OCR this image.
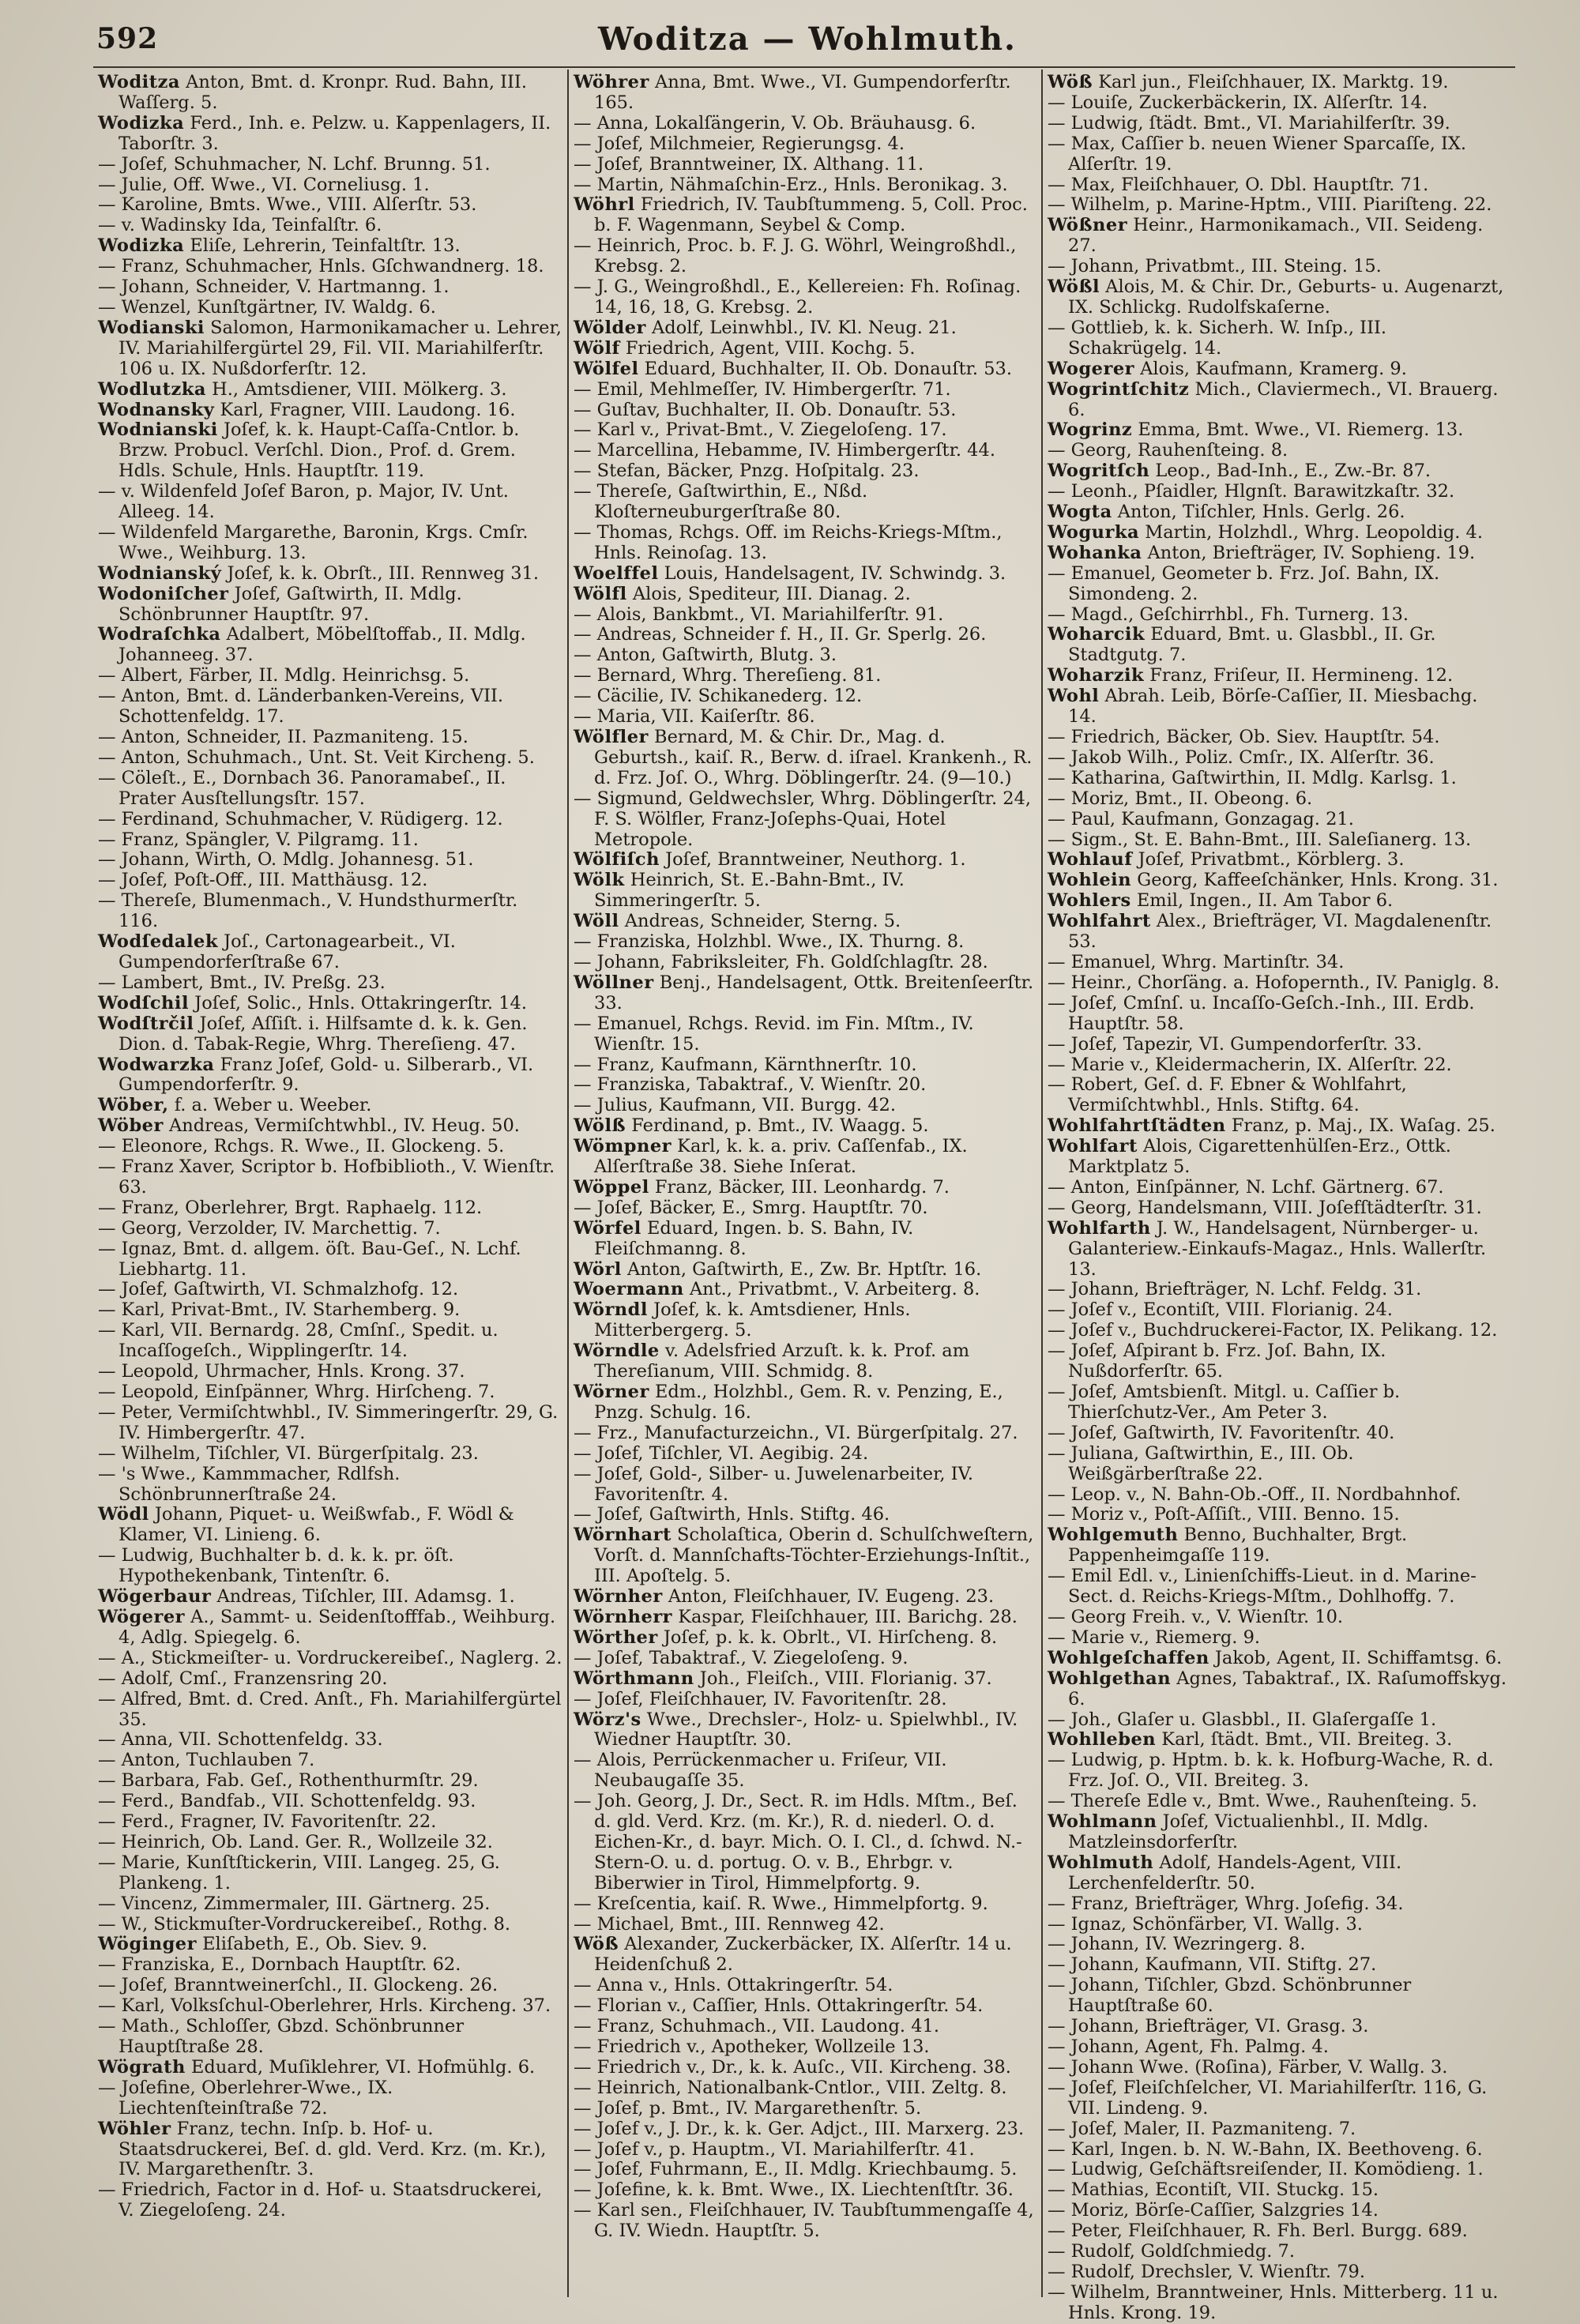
592	Woditza — Wohlmuth.
Woditza Anton, Bmt. d. Kronpr. Rud. Bahn, III. Waſſerg. 5.
Wodizka Ferd., Inh. e. Pelzw. u. Kappenlagers, II. Taborſtr. 3.
— Joſef, Schuhmacher, N. Lchf. Brunng. 51.
— Julie, Off. Wwe., VI. Corneliusg. 1.
— Karoline, Bmts. Wwe., VIII. Alſerſtr. 53.
— v. Wadinsky Ida, Teinfalſtr. 6.
Wodizka Eliſe, Lehrerin, Teinfaltſtr. 13.
— Franz, Schuhmacher, Hnls. Gſchwandnerg. 18.
— Johann, Schneider, V. Hartmanng. 1.
— Wenzel, Kunſtgärtner, IV. Waldg. 6.
Wodianski Salomon, Harmonikamacher u. Lehrer, IV. Mariahilfergürtel 29, Fil. VII. Mariahilferſtr. 106 u. IX. Nußdorferſtr. 12.
Wodlutzka H., Amtsdiener, VIII. Mölkerg. 3.
Wodnansky Karl, Fragner, VIII. Laudong. 16.
Wodnianski Joſef, k. k. Haupt-Caſſa-Cntlor. b. Brzw. Probucl. Verſchl. Dion., Prof. d. Grem. Hdls. Schule, Hnls. Hauptſtr. 119.
— v. Wildenfeld Joſef Baron, p. Major, IV. Unt. Alleeg. 14.
— Wildenfeld Margarethe, Baronin, Krgs. Cmſr. Wwe., Weihburg. 13.
Wodnianský Joſef, k. k. Obrſt., III. Rennweg 31.
Wodoniſcher Joſef, Gaſtwirth, II. Mdlg. Schönbrunner Hauptſtr. 97.
Wodraſchka Adalbert, Möbelſtoffab., II. Mdlg. Johanneeg. 37.
— Albert, Färber, II. Mdlg. Heinrichsg. 5.
— Anton, Bmt. d. Länderbanken-Vereins, VII. Schottenfeldg. 17.
— Anton, Schneider, II. Pazmaniteng. 15.
— Anton, Schuhmach., Unt. St. Veit Kircheng. 5.
— Cöleſt., E., Dornbach 36. Panoramabeſ., II. Prater Ausſtellungsſtr. 157.
— Ferdinand, Schuhmacher, V. Rüdigerg. 12.
— Franz, Spängler, V. Pilgramg. 11.
— Johann, Wirth, O. Mdlg. Johannesg. 51.
— Joſef, Poſt-Off., III. Matthäusg. 12.
— Thereſe, Blumenmach., V. Hundsthurmerſtr. 116.
Wodſedalek Joſ., Cartonagearbeit., VI. Gumpendorferſtraße 67.
— Lambert, Bmt., IV. Preßg. 23.
Wodſchil Joſef, Solic., Hnls. Ottakringerſtr. 14.
Wodſtrčil Joſef, Aſſiſt. i. Hilfsamte d. k. k. Gen. Dion. d. Tabak-Regie, Whrg. Thereſieng. 47.
Wodwarzka Franz Joſef, Gold- u. Silberarb., VI. Gumpendorferſtr. 9.
Wöber, f. a. Weber u. Weeber.
Wöber Andreas, Vermiſchtwhbl., IV. Heug. 50.
— Eleonore, Rchgs. R. Wwe., II. Glockeng. 5.
— Franz Xaver, Scriptor b. Hofbiblioth., V. Wienſtr. 63.
— Franz, Oberlehrer, Brgt. Raphaelg. 112.
— Georg, Verzolder, IV. Marchettig. 7.
— Ignaz, Bmt. d. allgem. öſt. Bau-Geſ., N. Lchf. Liebhartg. 11.
— Joſef, Gaſtwirth, VI. Schmalzhofg. 12.
— Karl, Privat-Bmt., IV. Starhemberg. 9.
— Karl, VII. Bernardg. 28, Cmſnſ., Spedit. u. Incaſſogeſch., Wipplingerſtr. 14.
— Leopold, Uhrmacher, Hnls. Krong. 37.
— Leopold, Einſpänner, Whrg. Hirſcheng. 7.
— Peter, Vermiſchtwhbl., IV. Simmeringerſtr. 29, G. IV. Himbergerſtr. 47.
— Wilhelm, Tiſchler, VI. Bürgerſpitalg. 23.
— 's Wwe., Kammmacher, Rdlfsh. Schönbrunnerſtraße 24.
Wödl Johann, Piquet- u. Weißwfab., F. Wödl & Klamer, VI. Linieng. 6.
— Ludwig, Buchhalter b. d. k. k. pr. öſt. Hypothekenbank, Tintenſtr. 6.
Wögerbaur Andreas, Tiſchler, III. Adamsg. 1.
Wögerer A., Sammt- u. Seidenſtofffab., Weihburg. 4, Adlg. Spiegelg. 6.
— A., Stickmeiſter- u. Vordruckereibeſ., Naglerg. 2.
— Adolf, Cmſ., Franzensring 20.
— Alfred, Bmt. d. Cred. Anſt., Fh. Mariahilfergürtel 35.
— Anna, VII. Schottenfeldg. 33.
— Anton, Tuchlauben 7.
— Barbara, Fab. Geſ., Rothenthurmſtr. 29.
— Ferd., Bandfab., VII. Schottenfeldg. 93.
— Ferd., Fragner, IV. Favoritenſtr. 22.
— Heinrich, Ob. Land. Ger. R., Wollzeile 32.
— Marie, Kunſtſtickerin, VIII. Langeg. 25, G. Plankeng. 1.
— Vincenz, Zimmermaler, III. Gärtnerg. 25.
— W., Stickmuſter-Vordruckereibeſ., Rothg. 8.
Wöginger Eliſabeth, E., Ob. Siev. 9.
— Franziska, E., Dornbach Hauptſtr. 62.
— Joſef, Branntweinerſchl., II. Glockeng. 26.
— Karl, Volksſchul-Oberlehrer, Hrls. Kircheng. 37.
— Math., Schloſſer, Gbzd. Schönbrunner Hauptſtraße 28.
Wögrath Eduard, Muſiklehrer, VI. Hofmühlg. 6.
— Joſefine, Oberlehrer-Wwe., IX. Liechtenſteinſtraße 72.
Wöhler Franz, techn. Inſp. b. Hof- u. Staatsdruckerei, Beſ. d. gld. Verd. Krz. (m. Kr.), IV. Margarethenſtr. 3.
— Friedrich, Factor in d. Hof- u. Staatsdruckerei, V. Ziegeloſeng. 24.
Wöhrer Anna, Bmt. Wwe., VI. Gumpendorferſtr. 165.
— Anna, Lokalſängerin, V. Ob. Bräuhausg. 6.
— Joſef, Milchmeier, Regierungsg. 4.
— Joſef, Branntweiner, IX. Althang. 11.
— Martin, Nähmaſchin-Erz., Hnls. Beronikag. 3.
Wöhrl Friedrich, IV. Taubſtummeng. 5, Coll. Proc. b. F. Wagenmann, Seybel & Comp.
— Heinrich, Proc. b. F. J. G. Wöhrl, Weingroßhdl., Krebsg. 2.
— J. G., Weingroßhdl., E., Kellereien: Fh. Roſinag. 14, 16, 18, G. Krebsg. 2.
Wölder Adolf, Leinwhbl., IV. Kl. Neug. 21.
Wölf Friedrich, Agent, VIII. Kochg. 5.
Wölfel Eduard, Buchhalter, II. Ob. Donauſtr. 53.
— Emil, Mehlmeſſer, IV. Himbergerſtr. 71.
— Guſtav, Buchhalter, II. Ob. Donauſtr. 53.
— Karl v., Privat-Bmt., V. Ziegeloſeng. 17.
— Marcellina, Hebamme, IV. Himbergerſtr. 44.
— Stefan, Bäcker, Pnzg. Hoſpitalg. 23.
— Thereſe, Gaſtwirthin, E., Nßd. Kloſterneuburgerſtraße 80.
— Thomas, Rchgs. Off. im Reichs-Kriegs-Mſtm., Hnls. Reinoſag. 13.
Woelffel Louis, Handelsagent, IV. Schwindg. 3.
Wölfl Alois, Spediteur, III. Dianag. 2.
— Alois, Bankbmt., VI. Mariahilferſtr. 91.
— Andreas, Schneider f. H., II. Gr. Sperlg. 26.
— Anton, Gaſtwirth, Blutg. 3.
— Bernard, Whrg. Thereſieng. 81.
— Cäcilie, IV. Schikanederg. 12.
— Maria, VII. Kaiſerſtr. 86.
Wölfler Bernard, M. & Chir. Dr., Mag. d. Geburtsh., kaiſ. R., Berw. d. iſrael. Krankenh., R. d. Frz. Joſ. O., Whrg. Döblingerſtr. 24. (9—10.)
— Sigmund, Geldwechsler, Whrg. Döblingerſtr. 24, F. S. Wölfler, Franz-Joſephs-Quai, Hotel Metropole.
Wölfiſch Joſef, Branntweiner, Neuthorg. 1.
Wölk Heinrich, St. E.-Bahn-Bmt., IV. Simmeringerſtr. 5.
Wöll Andreas, Schneider, Sterng. 5.
— Franziska, Holzhbl. Wwe., IX. Thurng. 8.
— Johann, Fabriksleiter, Fh. Goldſchlagſtr. 28.
Wöllner Benj., Handelsagent, Ottk. Breitenſeerſtr. 33.
— Emanuel, Rchgs. Revid. im Fin. Mſtm., IV. Wienſtr. 15.
— Franz, Kaufmann, Kärnthnerſtr. 10.
— Franziska, Tabaktraf., V. Wienſtr. 20.
— Julius, Kaufmann, VII. Burgg. 42.
Wölß Ferdinand, p. Bmt., IV. Waagg. 5.
Wömpner Karl, k. k. a. priv. Caſſenfab., IX. Alſerſtraße 38. Siehe Inſerat.
Wöppel Franz, Bäcker, III. Leonhardg. 7.
— Joſef, Bäcker, E., Smrg. Hauptſtr. 70.
Wörfel Eduard, Ingen. b. S. Bahn, IV. Fleiſchmanng. 8.
Wörl Anton, Gaſtwirth, E., Zw. Br. Hptſtr. 16.
Woermann Ant., Privatbmt., V. Arbeiterg. 8.
Wörndl Joſef, k. k. Amtsdiener, Hnls. Mitterbergerg. 5.
Wörndle v. Adelsfried Arzuſt. k. k. Prof. am Thereſianum, VIII. Schmidg. 8.
Wörner Edm., Holzhbl., Gem. R. v. Penzing, E., Pnzg. Schulg. 16.
— Frz., Manufacturzeichn., VI. Bürgerſpitalg. 27.
— Joſef, Tiſchler, VI. Aegibig. 24.
— Joſef, Gold-, Silber- u. Juwelenarbeiter, IV. Favoritenſtr. 4.
— Joſef, Gaſtwirth, Hnls. Stiftg. 46.
Wörnhart Scholaſtica, Oberin d. Schulſchweſtern, Vorſt. d. Mannſchafts-Töchter-Erziehungs-Inſtit., III. Apoſtelg. 5.
Wörnher Anton, Fleiſchhauer, IV. Eugeng. 23.
Wörnherr Kaspar, Fleiſchhauer, III. Barichg. 28.
Wörther Joſef, p. k. k. Obrlt., VI. Hirſcheng. 8.
— Joſef, Tabaktraf., V. Ziegeloſeng. 9.
Wörthmann Joh., Fleiſch., VIII. Florianig. 37.
— Joſef, Fleiſchhauer, IV. Favoritenſtr. 28.
Wörz's Wwe., Drechsler-, Holz- u. Spielwhbl., IV. Wiedner Hauptſtr. 30.
— Alois, Perrückenmacher u. Friſeur, VII. Neubaugaſſe 35.
— Joh. Georg, J. Dr., Sect. R. im Hdls. Mſtm., Beſ. d. gld. Verd. Krz. (m. Kr.), R. d. niederl. O. d. Eichen-Kr., d. bayr. Mich. O. I. Cl., d. ſchwd. N.-Stern-O. u. d. portug. O. v. B., Ehrbgr. v. Biberwier in Tirol, Himmelpfortg. 9.
— Kreſcentia, kaiſ. R. Wwe., Himmelpfortg. 9.
— Michael, Bmt., III. Rennweg 42.
Wöß Alexander, Zuckerbäcker, IX. Alſerſtr. 14 u. Heidenſchuß 2.
— Anna v., Hnls. Ottakringerſtr. 54.
— Florian v., Caſſier, Hnls. Ottakringerſtr. 54.
— Franz, Schuhmach., VII. Laudong. 41.
— Friedrich v., Apotheker, Wollzeile 13.
— Friedrich v., Dr., k. k. Auſc., VII. Kircheng. 38.
— Heinrich, Nationalbank-Cntlor., VIII. Zeltg. 8.
— Joſef, p. Bmt., IV. Margarethenſtr. 5.
— Joſef v., J. Dr., k. k. Ger. Adjct., III. Marxerg. 23.
— Joſef v., p. Hauptm., VI. Mariahilferſtr. 41.
— Joſef, Fuhrmann, E., II. Mdlg. Kriechbaumg. 5.
— Joſefine, k. k. Bmt. Wwe., IX. Liechtenſtſtr. 36.
— Karl sen., Fleiſchhauer, IV. Taubſtummengaſſe 4, G. IV. Wiedn. Hauptſtr. 5.
Wöß Karl jun., Fleiſchhauer, IX. Marktg. 19.
— Louiſe, Zuckerbäckerin, IX. Alſerſtr. 14.
— Ludwig, ſtädt. Bmt., VI. Mariahilferſtr. 39.
— Max, Caſſier b. neuen Wiener Sparcaſſe, IX. Alſerſtr. 19.
— Max, Fleiſchhauer, O. Dbl. Hauptſtr. 71.
— Wilhelm, p. Marine-Hptm., VIII. Piariſteng. 22.
Wößner Heinr., Harmonikamach., VII. Seideng. 27.
— Johann, Privatbmt., III. Steing. 15.
Wößl Alois, M. & Chir. Dr., Geburts- u. Augenarzt, IX. Schlickg. Rudolfskaſerne.
— Gottlieb, k. k. Sicherh. W. Inſp., III. Schakrügelg. 14.
Wogerer Alois, Kaufmann, Kramerg. 9.
Wogrintſchitz Mich., Claviermech., VI. Brauerg. 6.
Wogrinz Emma, Bmt. Wwe., VI. Riemerg. 13.
— Georg, Rauhenſteing. 8.
Wogritſch Leop., Bad-Inh., E., Zw.-Br. 87.
— Leonh., Pſaidler, Hlgnſt. Barawitzkaſtr. 32.
Wogta Anton, Tiſchler, Hnls. Gerlg. 26.
Wogurka Martin, Holzhdl., Whrg. Leopoldig. 4.
Wohanka Anton, Briefträger, IV. Sophieng. 19.
— Emanuel, Geometer b. Frz. Joſ. Bahn, IX. Simondeng. 2.
— Magd., Geſchirrhbl., Fh. Turnerg. 13.
Woharcik Eduard, Bmt. u. Glasbbl., II. Gr. Stadtgutg. 7.
Woharzik Franz, Friſeur, II. Hermineng. 12.
Wohl Abrah. Leib, Börſe-Caſſier, II. Miesbachg. 14.
— Friedrich, Bäcker, Ob. Siev. Hauptſtr. 54.
— Jakob Wilh., Poliz. Cmſr., IX. Alſerſtr. 36.
— Katharina, Gaſtwirthin, II. Mdlg. Karlsg. 1.
— Moriz, Bmt., II. Obeong. 6.
— Paul, Kaufmann, Gonzagag. 21.
— Sigm., St. E. Bahn-Bmt., III. Saleſianerg. 13.
Wohlauf Joſef, Privatbmt., Körblerg. 3.
Wohlein Georg, Kaffeeſchänker, Hnls. Krong. 31.
Wohlers Emil, Ingen., II. Am Tabor 6.
Wohlfahrt Alex., Briefträger, VI. Magdalenenſtr. 53.
— Emanuel, Whrg. Martinſtr. 34.
— Heinr., Chorſäng. a. Hofopernth., IV. Paniglg. 8.
— Joſef, Cmſnſ. u. Incaſſo-Geſch.-Inh., III. Erdb. Hauptſtr. 58.
— Joſef, Tapezir, VI. Gumpendorferſtr. 33.
— Marie v., Kleidermacherin, IX. Alſerſtr. 22.
— Robert, Geſ. d. F. Ebner & Wohlfahrt, Vermiſchtwhbl., Hnls. Stiftg. 64.
Wohlfahrtſtädten Franz, p. Maj., IX. Waſag. 25.
Wohlfart Alois, Cigarettenhülſen-Erz., Ottk. Marktplatz 5.
— Anton, Einſpänner, N. Lchf. Gärtnerg. 67.
— Georg, Handelsmann, VIII. Joſefſtädterſtr. 31.
Wohlfarth J. W., Handelsagent, Nürnberger- u. Galanteriew.-Einkaufs-Magaz., Hnls. Wallerſtr. 13.
— Johann, Briefträger, N. Lchf. Feldg. 31.
— Joſef v., Econtiſt, VIII. Florianig. 24.
— Joſef v., Buchdruckerei-Factor, IX. Pelikang. 12.
— Joſef, Aſpirant b. Frz. Joſ. Bahn, IX. Nußdorferſtr. 65.
— Joſef, Amtsbienſt. Mitgl. u. Caſſier b. Thierſchutz-Ver., Am Peter 3.
— Joſef, Gaſtwirth, IV. Favoritenſtr. 40.
— Juliana, Gaſtwirthin, E., III. Ob. Weißgärberſtraße 22.
— Leop. v., N. Bahn-Ob.-Off., II. Nordbahnhof.
— Moriz v., Poſt-Aſſiſt., VIII. Benno. 15.
Wohlgemuth Benno, Buchhalter, Brgt. Pappenheimgaſſe 119.
— Emil Edl. v., Linienſchiffs-Lieut. in d. Marine-Sect. d. Reichs-Kriegs-Mſtm., Dohlhoffg. 7.
— Georg Freih. v., V. Wienſtr. 10.
— Marie v., Riemerg. 9.
Wohlgeſchaffen Jakob, Agent, II. Schiffamtsg. 6.
Wohlgethan Agnes, Tabaktraf., IX. Raſumoffskyg. 6.
— Joh., Glaſer u. Glasbbl., II. Glaſergaſſe 1.
Wohlleben Karl, ſtädt. Bmt., VII. Breiteg. 3.
— Ludwig, p. Hptm. b. k. k. Hofburg-Wache, R. d. Frz. Joſ. O., VII. Breiteg. 3.
— Thereſe Edle v., Bmt. Wwe., Rauhenſteing. 5.
Wohlmann Joſef, Victualienhbl., II. Mdlg. Matzleinsdorferſtr.
Wohlmuth Adolf, Handels-Agent, VIII. Lerchenfelderſtr. 50.
— Franz, Briefträger, Whrg. Joſefig. 34.
— Ignaz, Schönfärber, VI. Wallg. 3.
— Johann, IV. Wezringerg. 8.
— Johann, Kaufmann, VII. Stiftg. 27.
— Johann, Tiſchler, Gbzd. Schönbrunner Hauptſtraße 60.
— Johann, Briefträger, VI. Grasg. 3.
— Johann, Agent, Fh. Palmg. 4.
— Johann Wwe. (Roſina), Färber, V. Wallg. 3.
— Joſef, Fleiſchſelcher, VI. Mariahilferſtr. 116, G. VII. Lindeng. 9.
— Joſef, Maler, II. Pazmaniteng. 7.
— Karl, Ingen. b. N. W.-Bahn, IX. Beethoveng. 6.
— Ludwig, Geſchäftsreiſender, II. Komödieng. 1.
— Mathias, Econtiſt, VII. Stuckg. 15.
— Moriz, Börſe-Caſſier, Salzgries 14.
— Peter, Fleiſchhauer, R. Fh. Berl. Burgg. 689.
— Rudolf, Goldſchmiedg. 7.
— Rudolf, Drechsler, V. Wienſtr. 79.
— Wilhelm, Branntweiner, Hnls. Mitterberg. 11 u. Hnls. Krong. 19.
